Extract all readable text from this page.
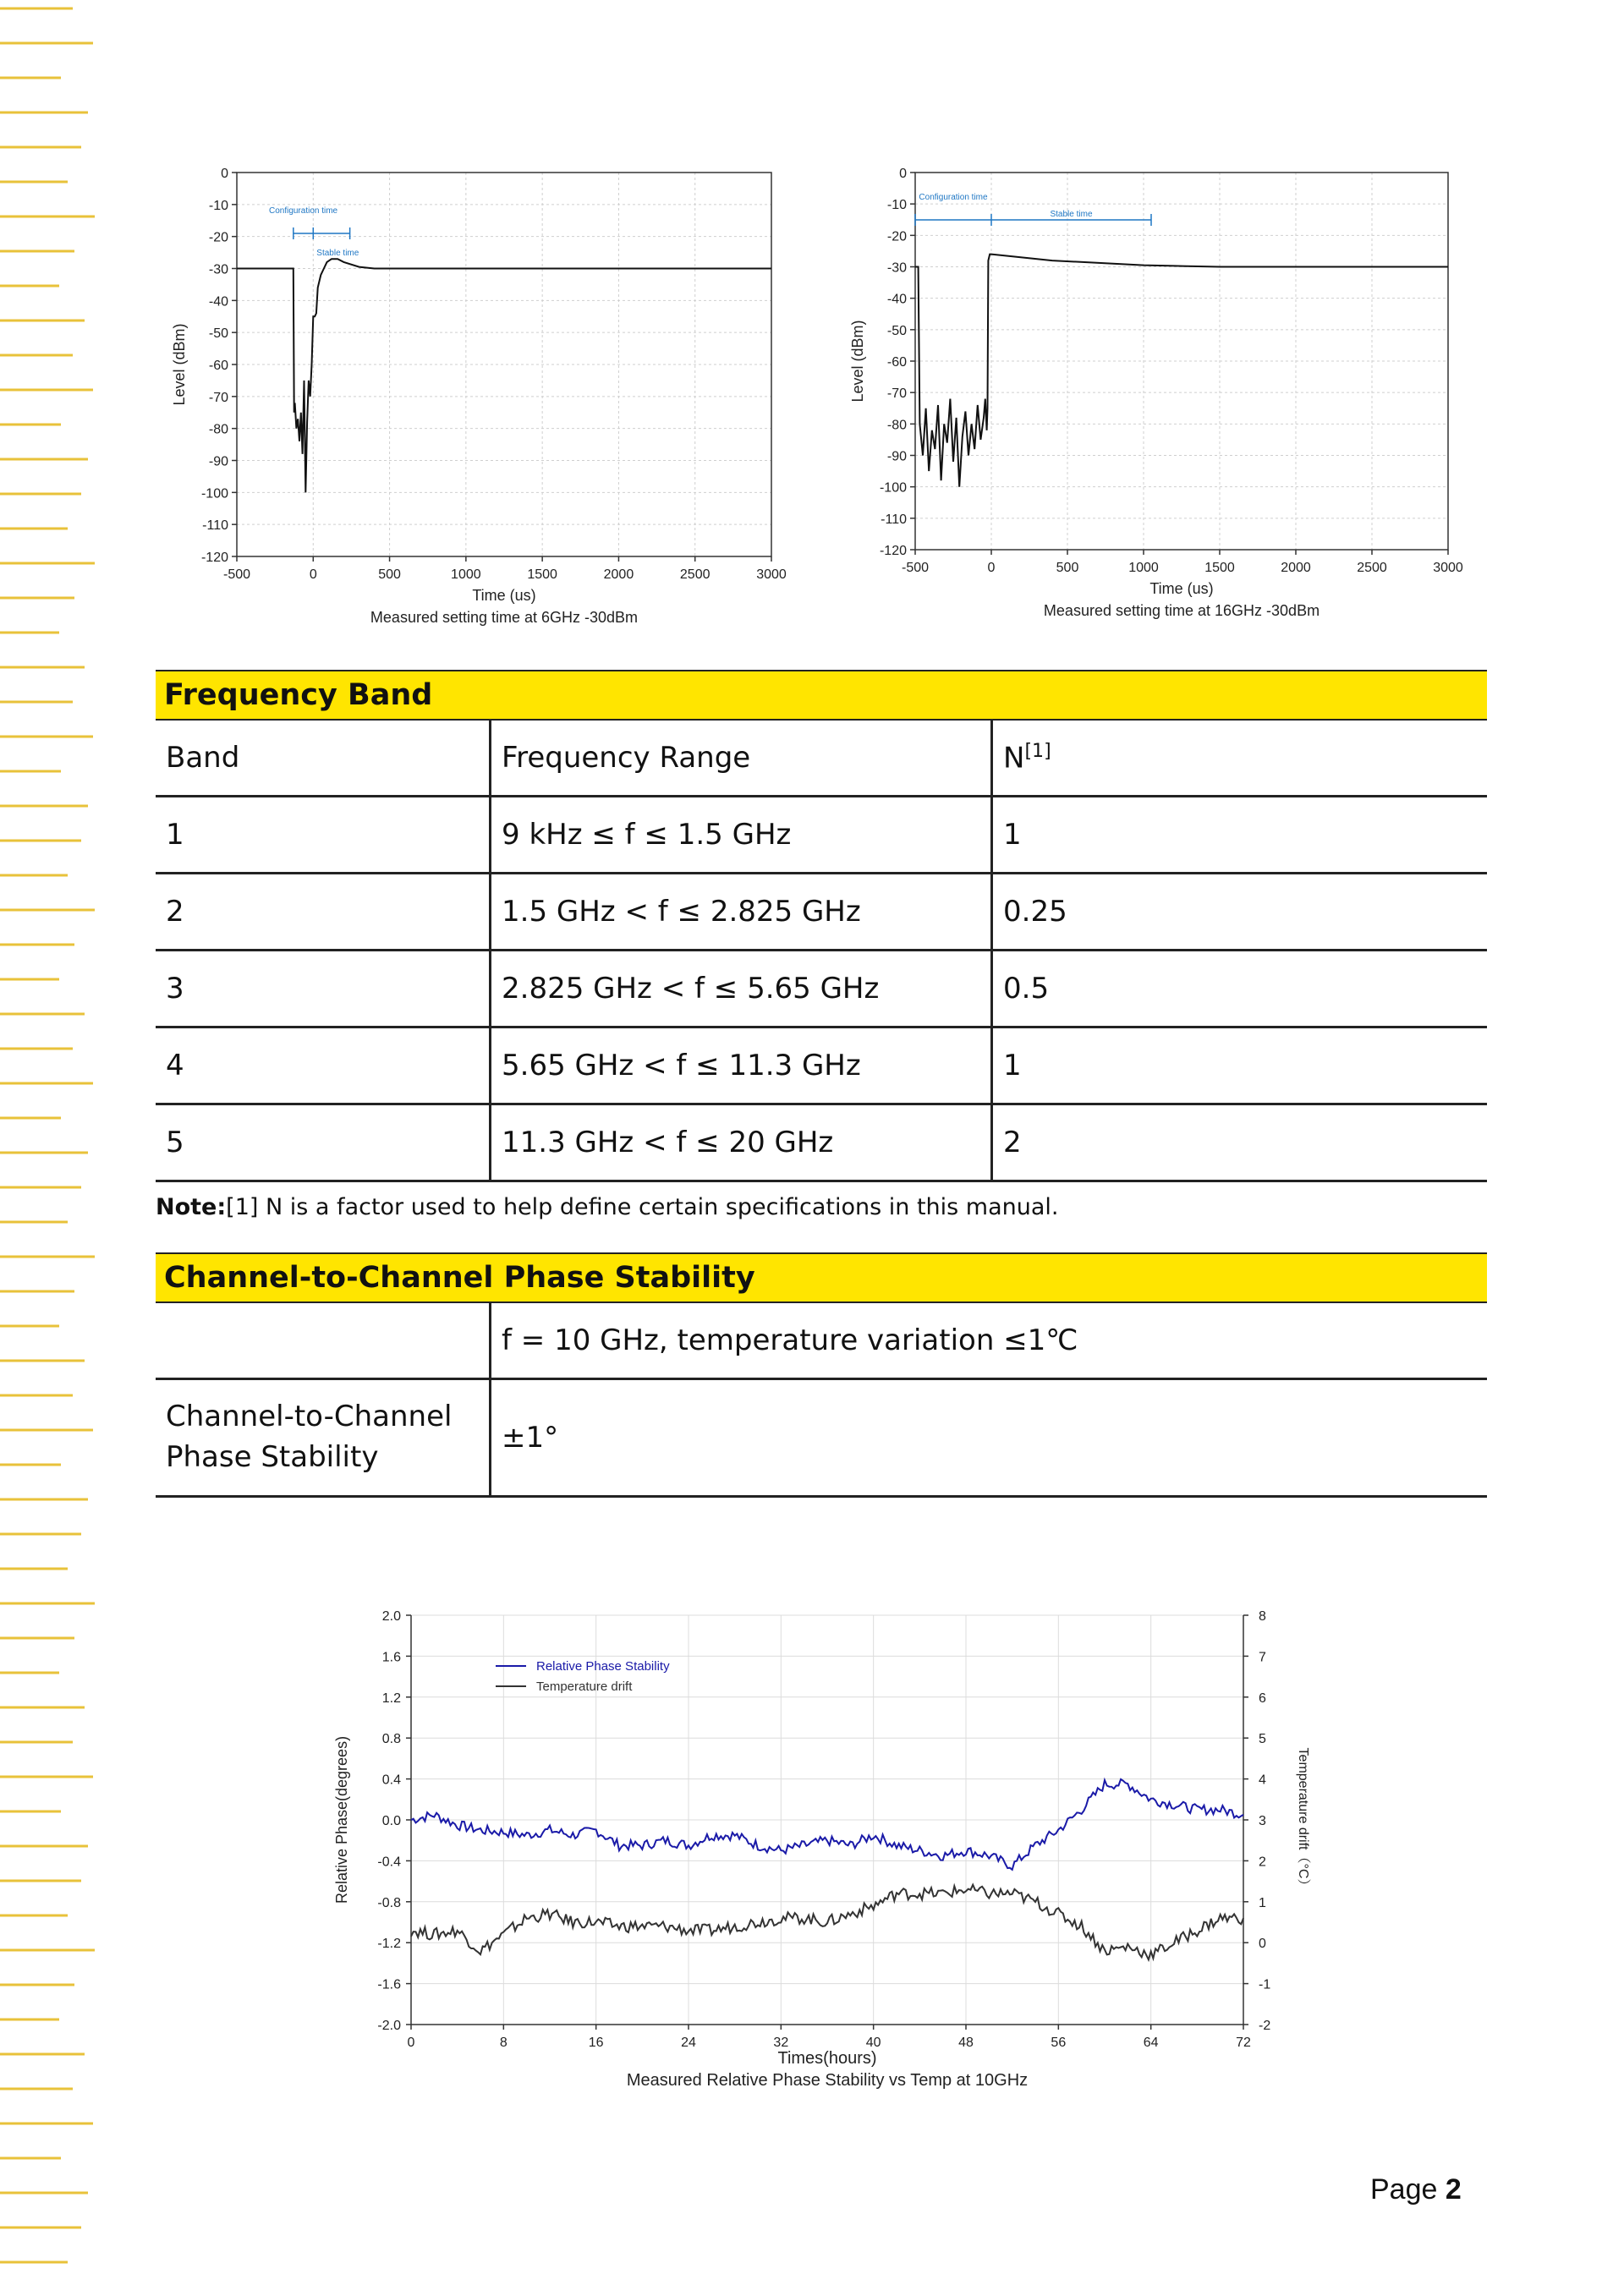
0
-10
-20
-30
-40
-50
-60
-70
-80
-90
-100
-110
-120
-500	0	500	1000	1500	2000	2500	3000
Time (us)
Measured setting time at 6GHz -30dBm
Level (dBm)
Configuration time
Stable time
0
-10
-20
-30
-40
-50
-60
-70
-80
-90
-100
-110
-120
-500	0	500	1000	1500	2000	2500	3000
Time (us)
Measured setting time at 16GHz -30dBm
Level (dBm)
Configuration time
Stable time
Frequency Band		
Band	Frequency Range	N[1]
1	9 kHz ≤ f ≤ 1.5 GHz	1
2	1.5 GHz < f ≤ 2.825 GHz	0.25
3	2.825 GHz < f ≤ 5.65 GHz	0.5
4	5.65 GHz < f ≤ 11.3 GHz	1
5	11.3 GHz < f ≤ 20 GHz	2
Note:[1] N is a factor used to help define certain specifications in this manual.
Channel-to-Channel Phase Stability	
	f = 10 GHz, temperature variation ≤1℃
Channel-to-Channel
Phase Stability	±1°
2.0
1.6
1.2
0.8
0.4
0.0
-0.4
-0.8
-1.2
-1.6
-2.0
8
7
6
5
4
3
2
1
0
-1
-2
0	8	16	24	32	40	48	56	64	72
Times(hours)
Measured Relative Phase Stability vs Temp at 10GHz
Relative Phase(degrees)	Temperature drift（°C）
Relative Phase Stability
Temperature drift
Page 2
